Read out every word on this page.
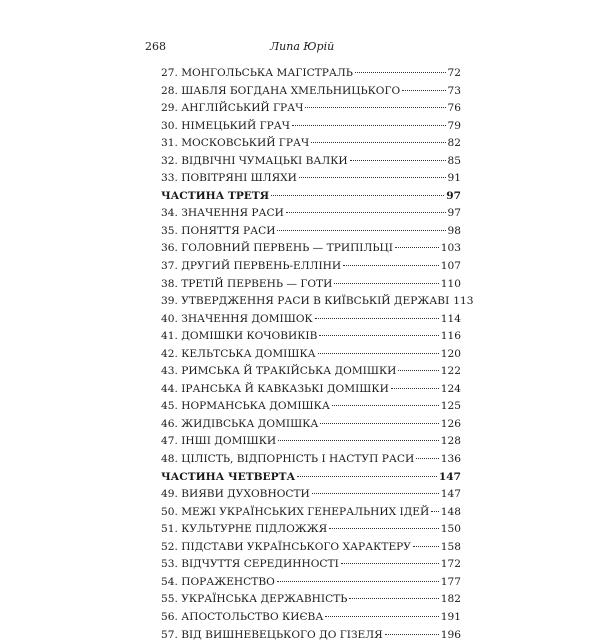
268	Липа Юрій
27. МОНГОЛЬСЬКА МАГІСТРАЛЬ	72
28. ШАБЛЯ БОГДАНА ХМЕЛЬНИЦЬКОГО	73
29. АНГЛІЙСЬКИЙ ГРАЧ	76
30. НІМЕЦЬКИЙ ГРАЧ	79
31. МОСКОВСЬКИЙ ГРАЧ	82
32. ВІДВІЧНІ ЧУМАЦЬКІ ВАЛКИ	85
33. ПОВІТРЯНІ ШЛЯХИ	91
ЧАСТИНА ТРЕТЯ	97
34. ЗНАЧЕННЯ РАСИ	97
35. ПОНЯТТЯ РАСИ	98
36. ГОЛОВНИЙ ПЕРВЕНЬ — ТРИПІЛЬЦІ	103
37. ДРУГИЙ ПЕРВЕНЬ-ЕЛЛІНИ	107
38. ТРЕТІЙ ПЕРВЕНЬ — ГОТИ	110
39. УТВЕРДЖЕННЯ РАСИ В КИЇВСЬКІЙ ДЕРЖАВІ 113
40. ЗНАЧЕННЯ ДОМІШОК	114
41. ДОМІШКИ КОЧОВИКІВ	116
42. КЕЛЬТСЬКА ДОМІШКА	120
43. РИМСЬКА Й ТРАКІЙСЬКА ДОМІШКИ	122
44. ІРАНСЬКА Й КАВКАЗЬКІ ДОМІШКИ	124
45. НОРМАНСЬКА ДОМІШКА	125
46. ЖИДІВСЬКА ДОМІШКА	126
47. ІНШІ ДОМІШКИ	128
48. ЦІЛІСТЬ, ВІДПОРНІСТЬ І НАСТУП РАСИ	136
ЧАСТИНА ЧЕТВЕРТА	147
49. ВИЯВИ ДУХОВНОСТИ	147
50. МЕЖІ УКРАЇНСЬКИХ ГЕНЕРАЛЬНИХ ІДЕЙ 148
51. КУЛЬТУРНЕ ПІДЛОЖЖЯ	150
52. ПІДСТАВИ УКРАЇНСЬКОГО ХАРАКТЕРУ	158
53. ВІДЧУТТЯ СЕРЕДИННОСТІ	172
54. ПОРАЖЕНСТВО	177
55. УКРАЇНСЬКА ДЕРЖАВНІСТЬ	182
56. АПОСТОЛЬСТВО КИЄВА	191
57. ВІД ВИШНЕВЕЦЬКОГО ДО ГІЗЕЛЯ	196
